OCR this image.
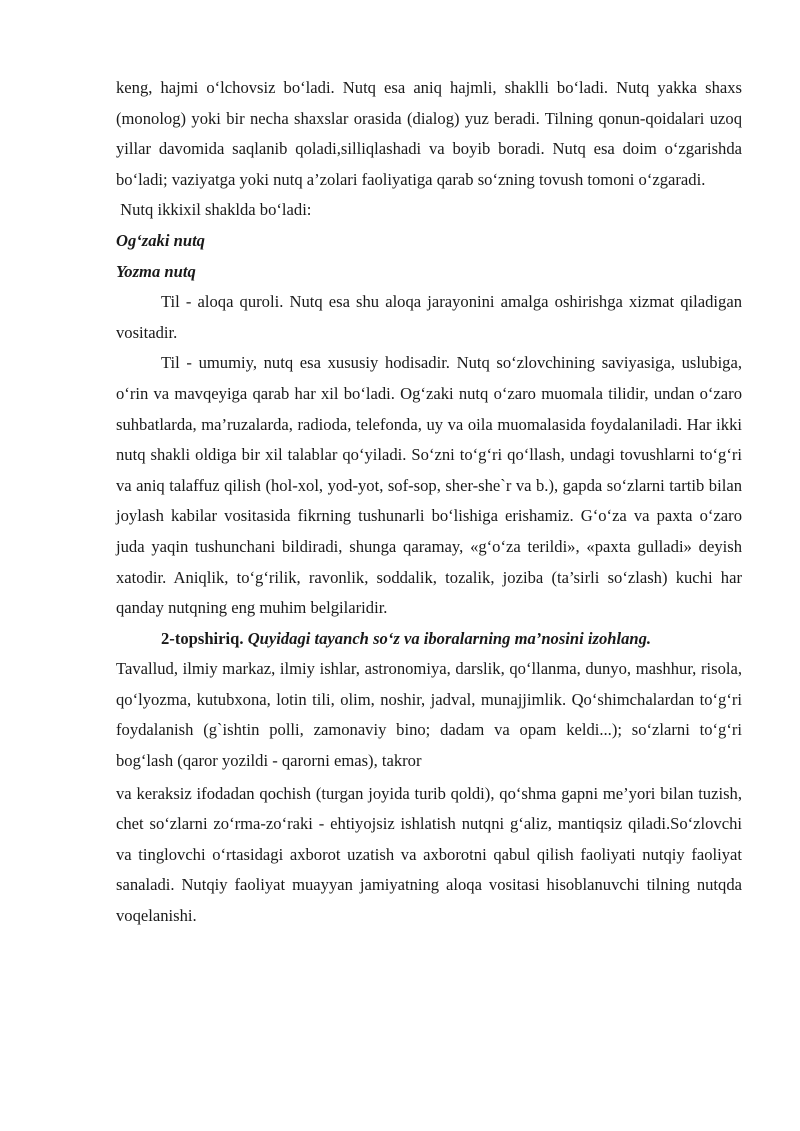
keng, hajmi o‘lchovsiz bo‘ladi. Nutq esa aniq hajmli, shaklli bo‘ladi. Nutq yakka shaxs (monolog) yoki bir necha shaxslar orasida (dialog) yuz beradi. Tilning qonun-qoidalari uzoq yillar davomida saqlanib qoladi,silliqlashadi va boyib boradi. Nutq esa doim o‘zgarishda bo‘ladi; vaziyatga yoki nutq a’zolari faoliyatiga qarab so‘zning tovush tomoni o‘zgaradi.

Nutq ikkixil shaklda bo‘ladi:

Og‘zaki nutq

Yozma nutq

Til - aloqa quroli. Nutq esa shu aloqa jarayonini amalga oshirishga xizmat qiladigan vositadir.

Til - umumiy, nutq esa xususiy hodisadir. Nutq so‘zlovchining saviyasiga, uslubiga, o‘rin va mavqeyiga qarab har xil bo‘ladi. Og‘zaki nutq o‘zaro muomala tilidir, undan o‘zaro suhbatlarda, ma’ruzalarda, radioda, telefonda, uy va oila muomalasida foydalaniladi. Har ikki nutq shakli oldiga bir xil talablar qo‘yiladi. So‘zni to‘g‘ri qo‘llash, undagi tovushlarni to‘g‘ri va aniq talaffuz qilish (hol-xol, yod-yot, sof-sop, sher-she`r va b.), gapda so‘zlarni tartib bilan joylash kabilar vositasida fikrning tushunarli bo‘lishiga erishamiz. G‘o‘za va paxta o‘zaro juda yaqin tushunchani bildiradi, shunga qaramay, «g‘o‘za terildi», «paxta gulladi» deyish xatodir. Aniqlik, to‘g‘rilik, ravonlik, soddalik, tozalik, joziba (ta’sirli so‘zlash) kuchi har qanday nutqning eng muhim belgilaridir.

2-topshiriq. Quyidagi tayanch so‘z va iboralarning ma’nosini izohlang.

Tavallud, ilmiy markaz, ilmiy ishlar, astronomiya, darslik, qo‘llanma, dunyo, mashhur, risola, qo‘lyozma, kutubxona, lotin tili, olim, noshir, jadval, munajjimlik. Qo‘shimchalardan to‘g‘ri foydalanish (g`ishtin polli, zamonaviy bino; dadam va opam keldi...); so‘zlarni to‘g‘ri bog‘lash (qaror yozildi - qarorni emas), takror

va keraksiz ifodadan qochish (turgan joyida turib qoldi), qo‘shma gapni me’yori bilan tuzish, chet so‘zlarni zo‘rma-zo‘raki - ehtiyojsiz ishlatish nutqni g‘aliz, mantiqsiz qiladi.So‘zlovchi va tinglovchi o‘rtasidagi axborot uzatish va axborotni qabul qilish faoliyati nutqiy faoliyat sanaladi. Nutqiy faoliyat muayyan jamiyatning aloqa vositasi hisoblanuvchi tilning nutqda voqelanishi.
